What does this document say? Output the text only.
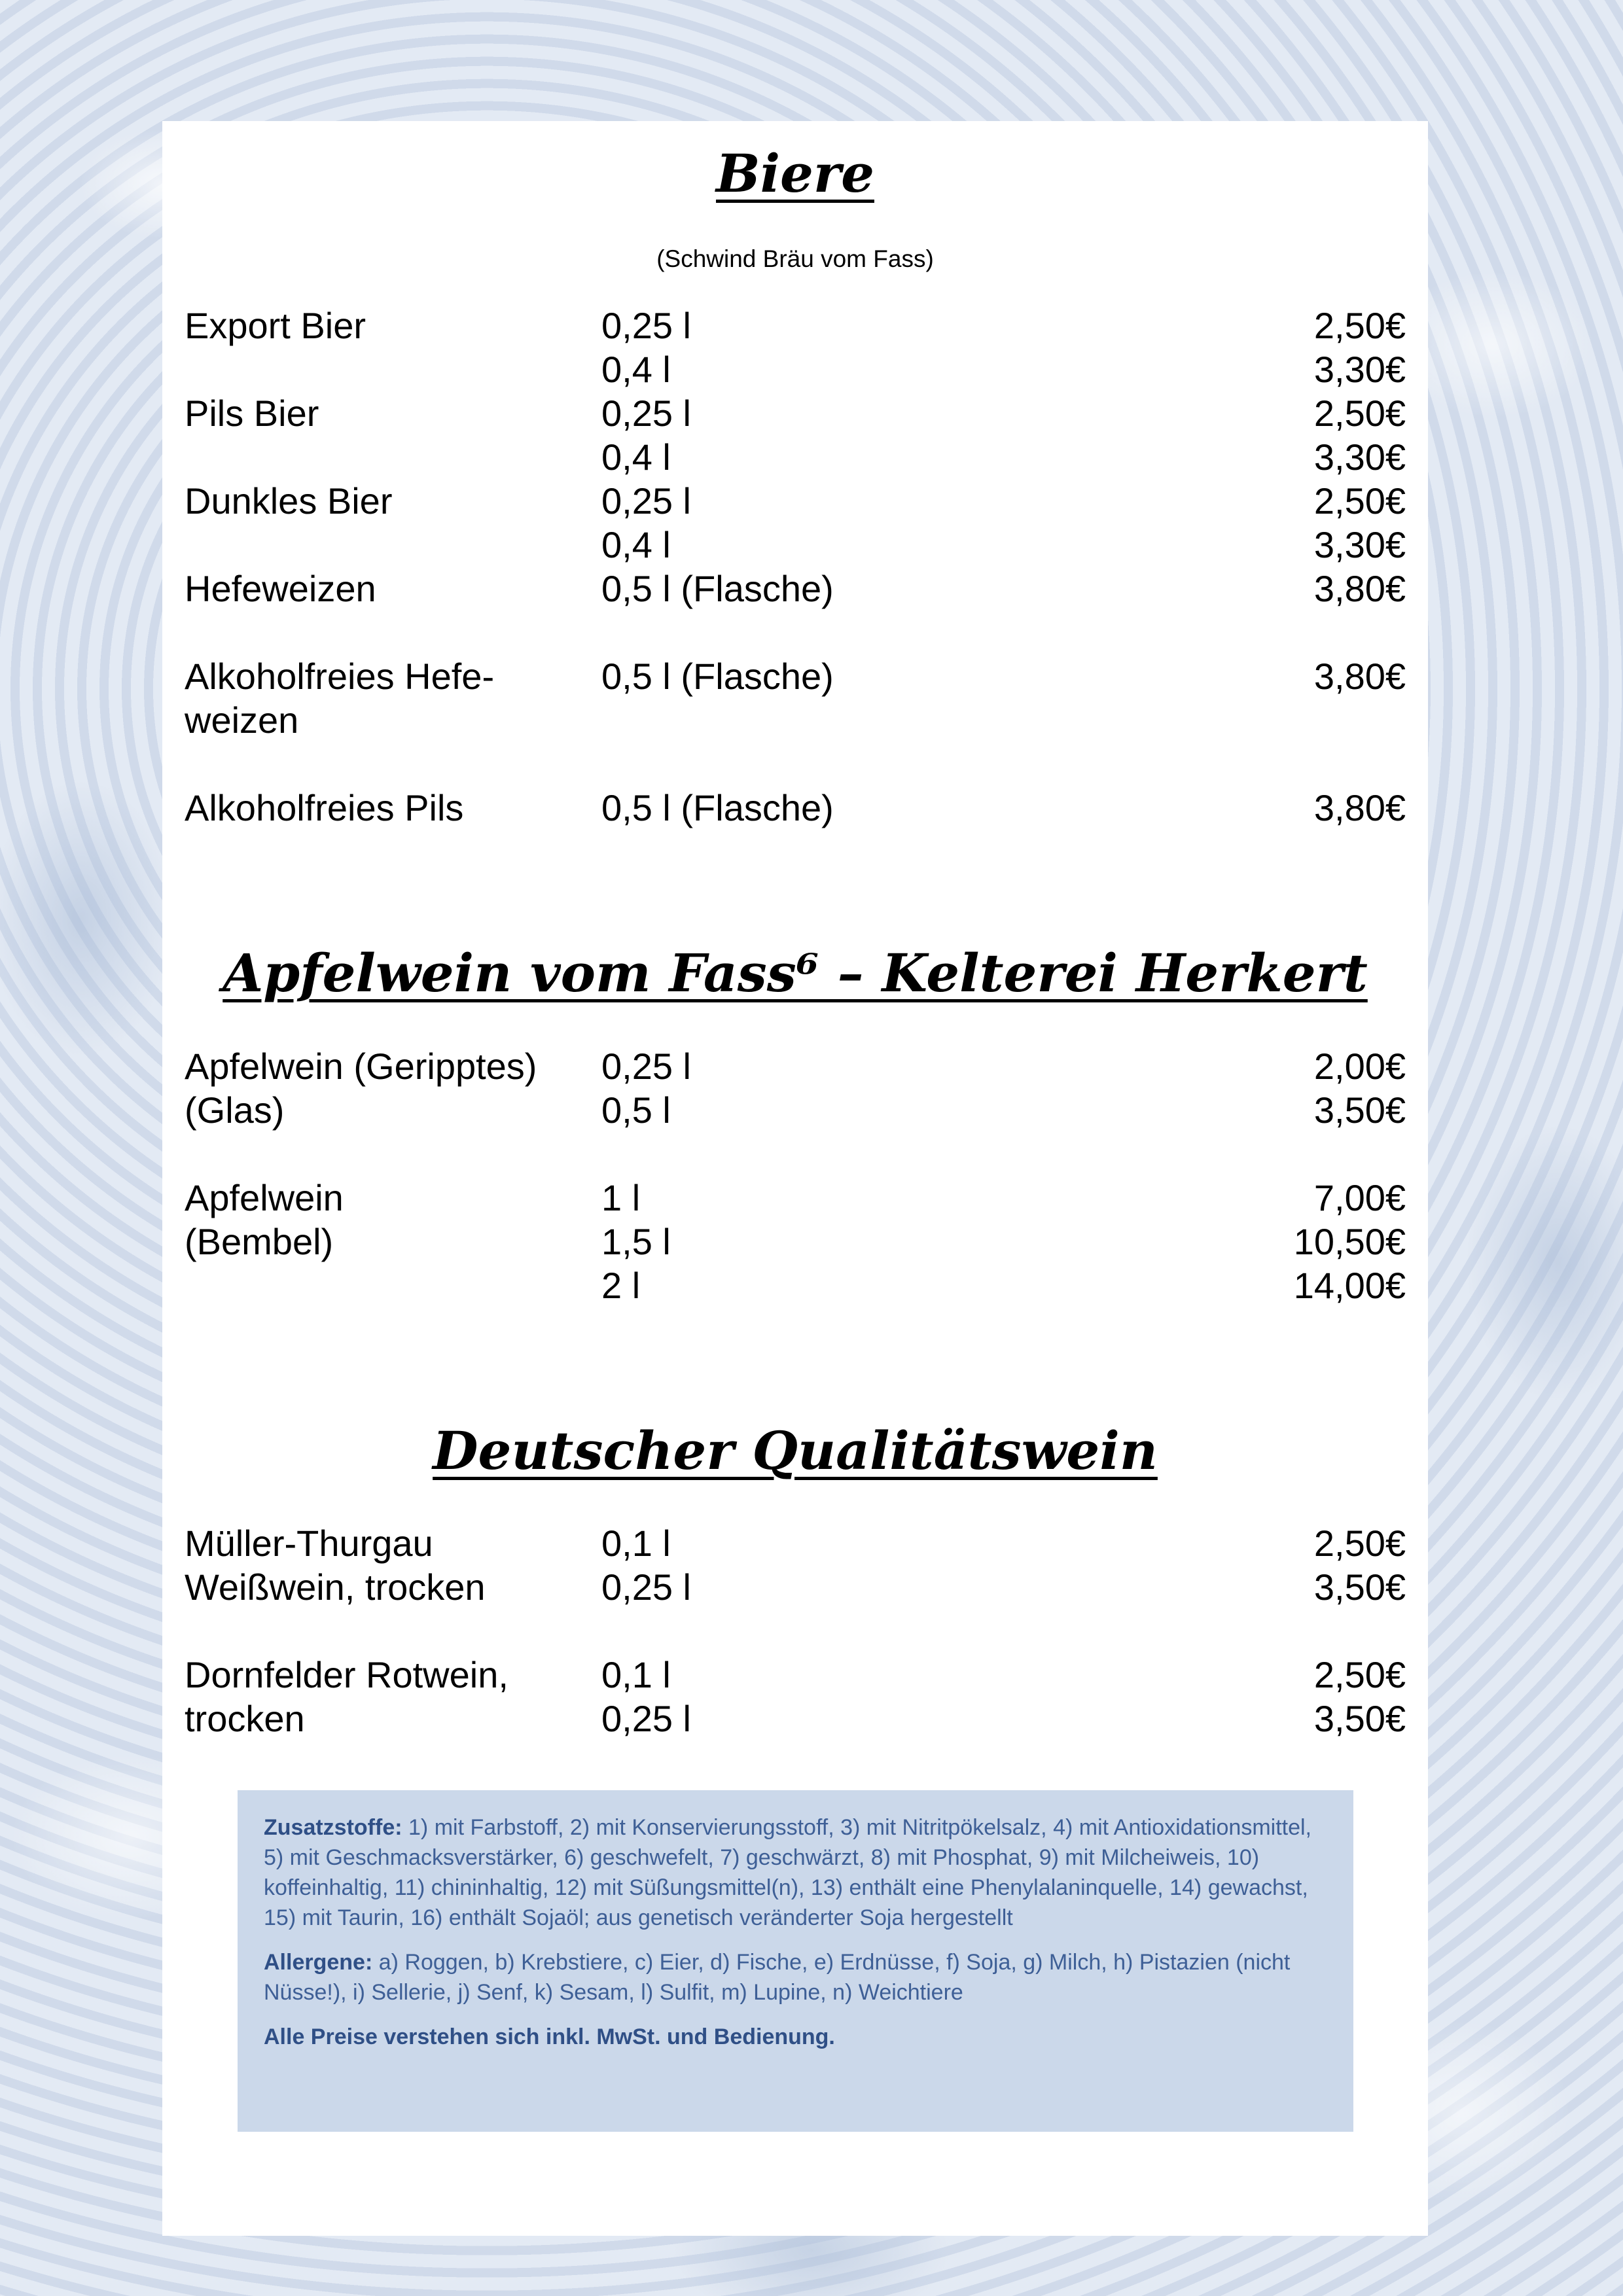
Biere
(Schwind Bräu vom Fass)
Export Bier	0,25 l	2,50€
0,4 l	3,30€
Pils Bier	0,25 l	2,50€
0,4 l	3,30€
Dunkles Bier	0,25 l	2,50€
0,4 l	3,30€
Hefeweizen	0,5 l (Flasche)	3,80€
Alkoholfreies Hefe-	0,5 l (Flasche)	3,80€
weizen
Alkoholfreies Pils	0,5 l (Flasche)	3,80€
Apfelwein vom Fass⁶ – Kelterei Herkert
Apfelwein (Geripptes) 0,25 l	2,00€
(Glas)	0,5 l	3,50€
Apfelwein	1 l	7,00€
(Bembel)	1,5 l	10,50€
2 l	14,00€
Deutscher Qualitätswein
Müller-Thurgau	0,1 l	2,50€
Weißwein, trocken	0,25 l	3,50€
Dornfelder Rotwein,	0,1 l	2,50€
trocken	0,25 l	3,50€

Zusatzstoffe: 1) mit Farbstoff, 2) mit Konservierungsstoff, 3) mit Nitritpökelsalz, 4) mit Antioxidationsmittel, 5) mit Geschmacksverstärker, 6) geschwefelt, 7) geschwärzt, 8) mit Phosphat, 9) mit Milcheiweis, 10) koffeinhaltig, 11) chininhaltig, 12) mit Süßungsmittel(n), 13) enthält eine Phenylalaninquelle, 14) gewachst, 15) mit Taurin, 16) enthält Sojaöl; aus genetisch veränderter Soja hergestellt

Allergene: a) Roggen, b) Krebstiere, c) Eier, d) Fische, e) Erdnüsse, f) Soja, g) Milch, h) Pistazien (nicht Nüsse!), i) Sellerie, j) Senf, k) Sesam, l) Sulfit, m) Lupine, n) Weichtiere

Alle Preise verstehen sich inkl. MwSt. und Bedienung.
